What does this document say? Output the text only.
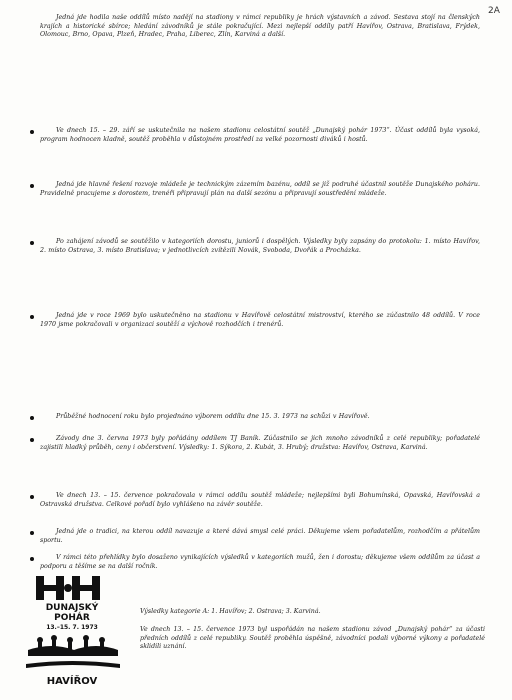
2A
Jedná jde hodila naše oddílů místo nadějí na stadiony v rámci republiky je hrách výstavních a závod. Sestava stojí na členských krajích a historické sbírce; hledání závodníků je stále pokračující. Mezi nejlepší oddíly patří Havířov, Ostrava, Bratislava, Frýdek, Olomouc, Brno, Opava, Plzeň, Hradec, Praha, Liberec, Zlín, Karviná a další.
Ve dnech 15. – 29. září se uskutečnila na našem stadionu celostátní soutěž „Dunajský pohár 1973“. Účast oddílů byla vysoká, program hodnocen kladně, soutěž proběhla v důstojném prostředí za velké pozornosti diváků i hostů.
Jedná jde hlavně řešení rozvoje mládeže je technickým zázemím bazénu, oddíl se již podruhé účastnil soutěže Dunajského poháru. Pravidelně pracujeme s dorostem, trenéři připravují plán na další sezónu a připravují soustředění mládeže.
Po zahájení závodů se soutěžilo v kategoriích dorostu, juniorů i dospělých. Výsledky byly zapsány do protokolu: 1. místo Havířov, 2. místo Ostrava, 3. místo Bratislava; v jednotlivcích zvítězili Novák, Svoboda, Dvořák a Procházka.
Jedná jde v roce 1969 bylo uskutečněno na stadionu v Havířově celostátní mistrovství, kterého se zúčastnilo 48 oddílů. V roce 1970 jsme pokračovali v organizaci soutěží a výchově rozhodčích i trenérů.
Průběžné hodnocení roku bylo projednáno výborem oddílu dne 15. 3. 1973 na schůzi v Havířově.
Závody dne 3. června 1973 byly pořádány oddílem TJ Baník. Zúčastnilo se jich mnoho závodníků z celé republiky; pořadatelé zajistili hladký průběh, ceny i občerstvení. Výsledky: 1. Sýkora, 2. Kubát, 3. Hrubý; družstva: Havířov, Ostrava, Karviná.
Ve dnech 13. – 15. července pokračovala v rámci oddílu soutěž mládeže; nejlepšími byli Bohumínská, Opavská, Havířovská a Ostravská družstva. Celkové pořadí bylo vyhlášeno na závěr soutěže.
Jedná jde o tradici, na kterou oddíl navazuje a které dává smysl celé práci. Děkujeme všem pořadatelům, rozhodčím a přátelům sportu.
V rámci této přehlídky bylo dosaženo vynikajících výsledků v kategoriích mužů, žen i dorostu; děkujeme všem oddílům za účast a podporu a těšíme se na další ročník.
Výsledky kategorie A: 1. Havířov; 2. Ostrava; 3. Karviná.
DUNAJSKÝ
POHÁR
13.–15. 7. 1973
HAVÍŘOV
Ve dnech 13. – 15. července 1973 byl uspořádán na našem stadionu závod „Dunajský pohár“ za účasti předních oddílů z celé republiky. Soutěž proběhla úspěšně, závodníci podali výborné výkony a pořadatelé sklidili uznání.
